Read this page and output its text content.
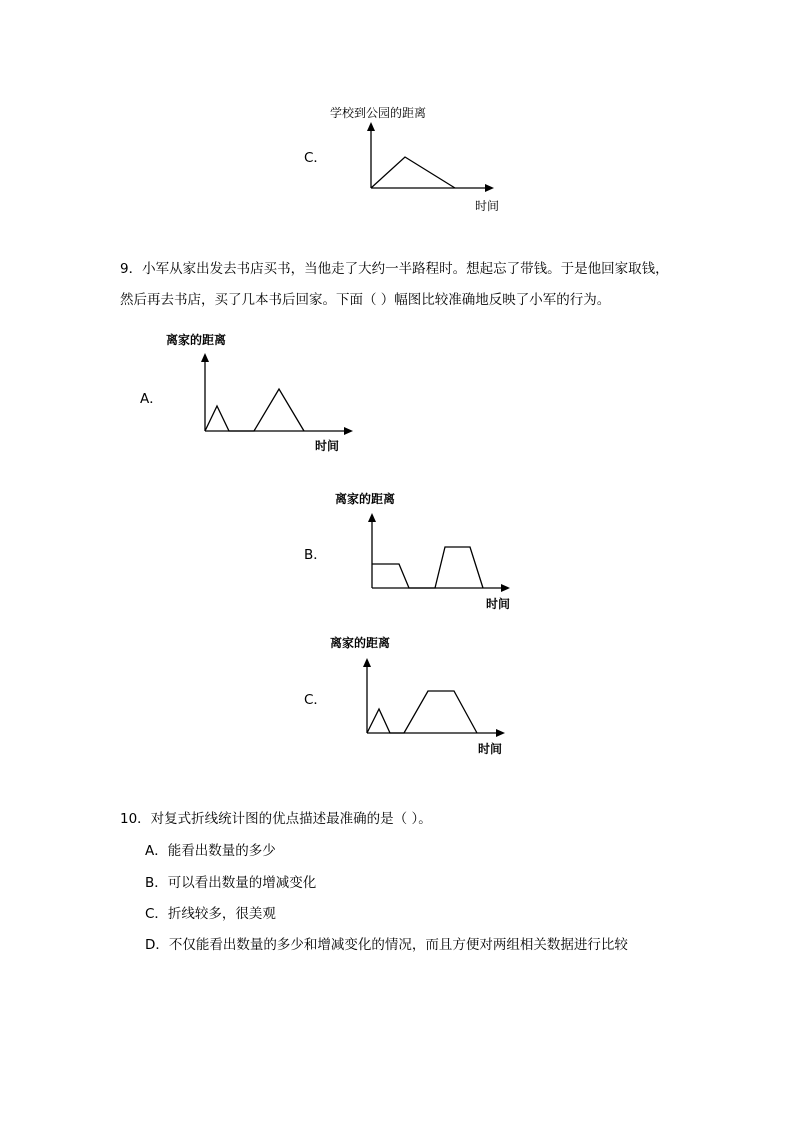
C．
学校到公园的距离
时间
9．小军从家出发去书店买书，当他走了大约一半路程时。想起忘了带钱。于是他回家取钱，
然后再去书店，买了几本书后回家。下面（ ）幅图比较准确地反映了小军的行为。
离家的距离
A．
时间
离家的距离
B．
时间
离家的距离
C．
时间
10．对复式折线统计图的优点描述最准确的是（ ）。
A．能看出数量的多少
B．可以看出数量的增减变化
C．折线较多，很美观
D．不仅能看出数量的多少和增减变化的情况，而且方便对两组相关数据进行比较
